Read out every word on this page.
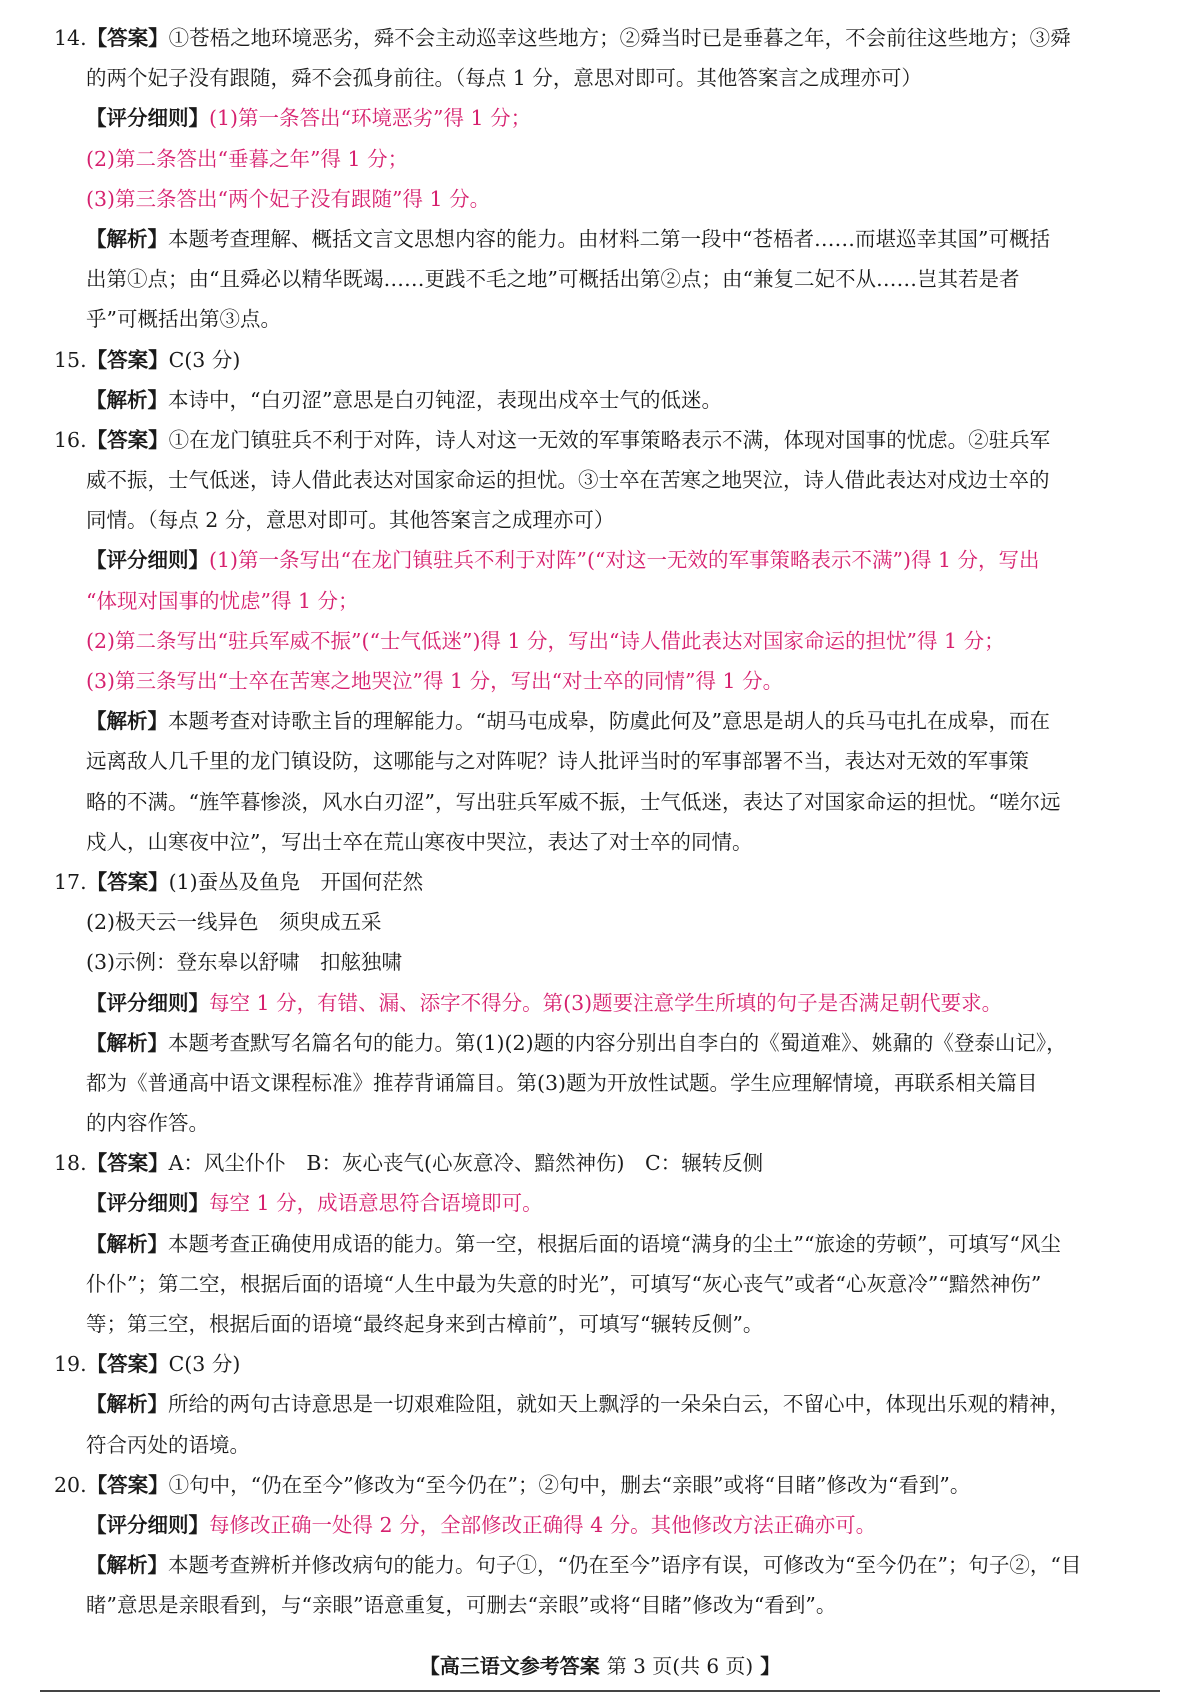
14.【答案】①苍梧之地环境恶劣，舜不会主动巡幸这些地方；②舜当时已是垂暮之年，不会前往这些地方；③舜
的两个妃子没有跟随，舜不会孤身前往。（每点 1 分，意思对即可。其他答案言之成理亦可）
【评分细则】(1)第一条答出“环境恶劣”得 1 分；
(2)第二条答出“垂暮之年”得 1 分；
(3)第三条答出“两个妃子没有跟随”得 1 分。
【解析】本题考查理解、概括文言文思想内容的能力。由材料二第一段中“苍梧者……而堪巡幸其国”可概括
出第①点；由“且舜必以精华既竭……更践不毛之地”可概括出第②点；由“兼复二妃不从……岂其若是者
乎”可概括出第③点。
15.【答案】C(3 分)
【解析】本诗中，“白刃涩”意思是白刃钝涩，表现出戍卒士气的低迷。
16.【答案】①在龙门镇驻兵不利于对阵，诗人对这一无效的军事策略表示不满，体现对国事的忧虑。②驻兵军
威不振，士气低迷，诗人借此表达对国家命运的担忧。③士卒在苦寒之地哭泣，诗人借此表达对戍边士卒的
同情。（每点 2 分，意思对即可。其他答案言之成理亦可）
【评分细则】(1)第一条写出“在龙门镇驻兵不利于对阵”(“对这一无效的军事策略表示不满”)得 1 分，写出
“体现对国事的忧虑”得 1 分；
(2)第二条写出“驻兵军威不振”(“士气低迷”)得 1 分，写出“诗人借此表达对国家命运的担忧”得 1 分；
(3)第三条写出“士卒在苦寒之地哭泣”得 1 分，写出“对士卒的同情”得 1 分。
【解析】本题考查对诗歌主旨的理解能力。“胡马屯成皋，防虞此何及”意思是胡人的兵马屯扎在成皋，而在
远离敌人几千里的龙门镇设防，这哪能与之对阵呢？诗人批评当时的军事部署不当，表达对无效的军事策
略的不满。“旌竿暮惨淡，风水白刃涩”，写出驻兵军威不振，士气低迷，表达了对国家命运的担忧。“嗟尔远
戍人，山寒夜中泣”，写出士卒在荒山寒夜中哭泣，表达了对士卒的同情。
17.【答案】(1)蚕丛及鱼凫　开国何茫然
(2)极天云一线异色　须臾成五采
(3)示例：登东皋以舒啸　扣舷独啸
【评分细则】每空 1 分，有错、漏、添字不得分。第(3)题要注意学生所填的句子是否满足朝代要求。
【解析】本题考查默写名篇名句的能力。第(1)(2)题的内容分别出自李白的《蜀道难》、姚鼐的《登泰山记》，
都为《普通高中语文课程标准》推荐背诵篇目。第(3)题为开放性试题。学生应理解情境，再联系相关篇目
的内容作答。
18.【答案】A：风尘仆仆　B：灰心丧气(心灰意冷、黯然神伤)　C：辗转反侧
【评分细则】每空 1 分，成语意思符合语境即可。
【解析】本题考查正确使用成语的能力。第一空，根据后面的语境“满身的尘土”“旅途的劳顿”，可填写“风尘
仆仆”；第二空，根据后面的语境“人生中最为失意的时光”，可填写“灰心丧气”或者“心灰意冷”“黯然神伤”
等；第三空，根据后面的语境“最终起身来到古樟前”，可填写“辗转反侧”。
19.【答案】C(3 分)
【解析】所给的两句古诗意思是一切艰难险阻，就如天上飘浮的一朵朵白云，不留心中，体现出乐观的精神，
符合丙处的语境。
20.【答案】①句中，“仍在至今”修改为“至今仍在”；②句中，删去“亲眼”或将“目睹”修改为“看到”。
【评分细则】每修改正确一处得 2 分，全部修改正确得 4 分。其他修改方法正确亦可。
【解析】本题考查辨析并修改病句的能力。句子①，“仍在至今”语序有误，可修改为“至今仍在”；句子②，“目
睹”意思是亲眼看到，与“亲眼”语意重复，可删去“亲眼”或将“目睹”修改为“看到”。
【高三语文参考答案 第 3 页(共 6 页) 】
